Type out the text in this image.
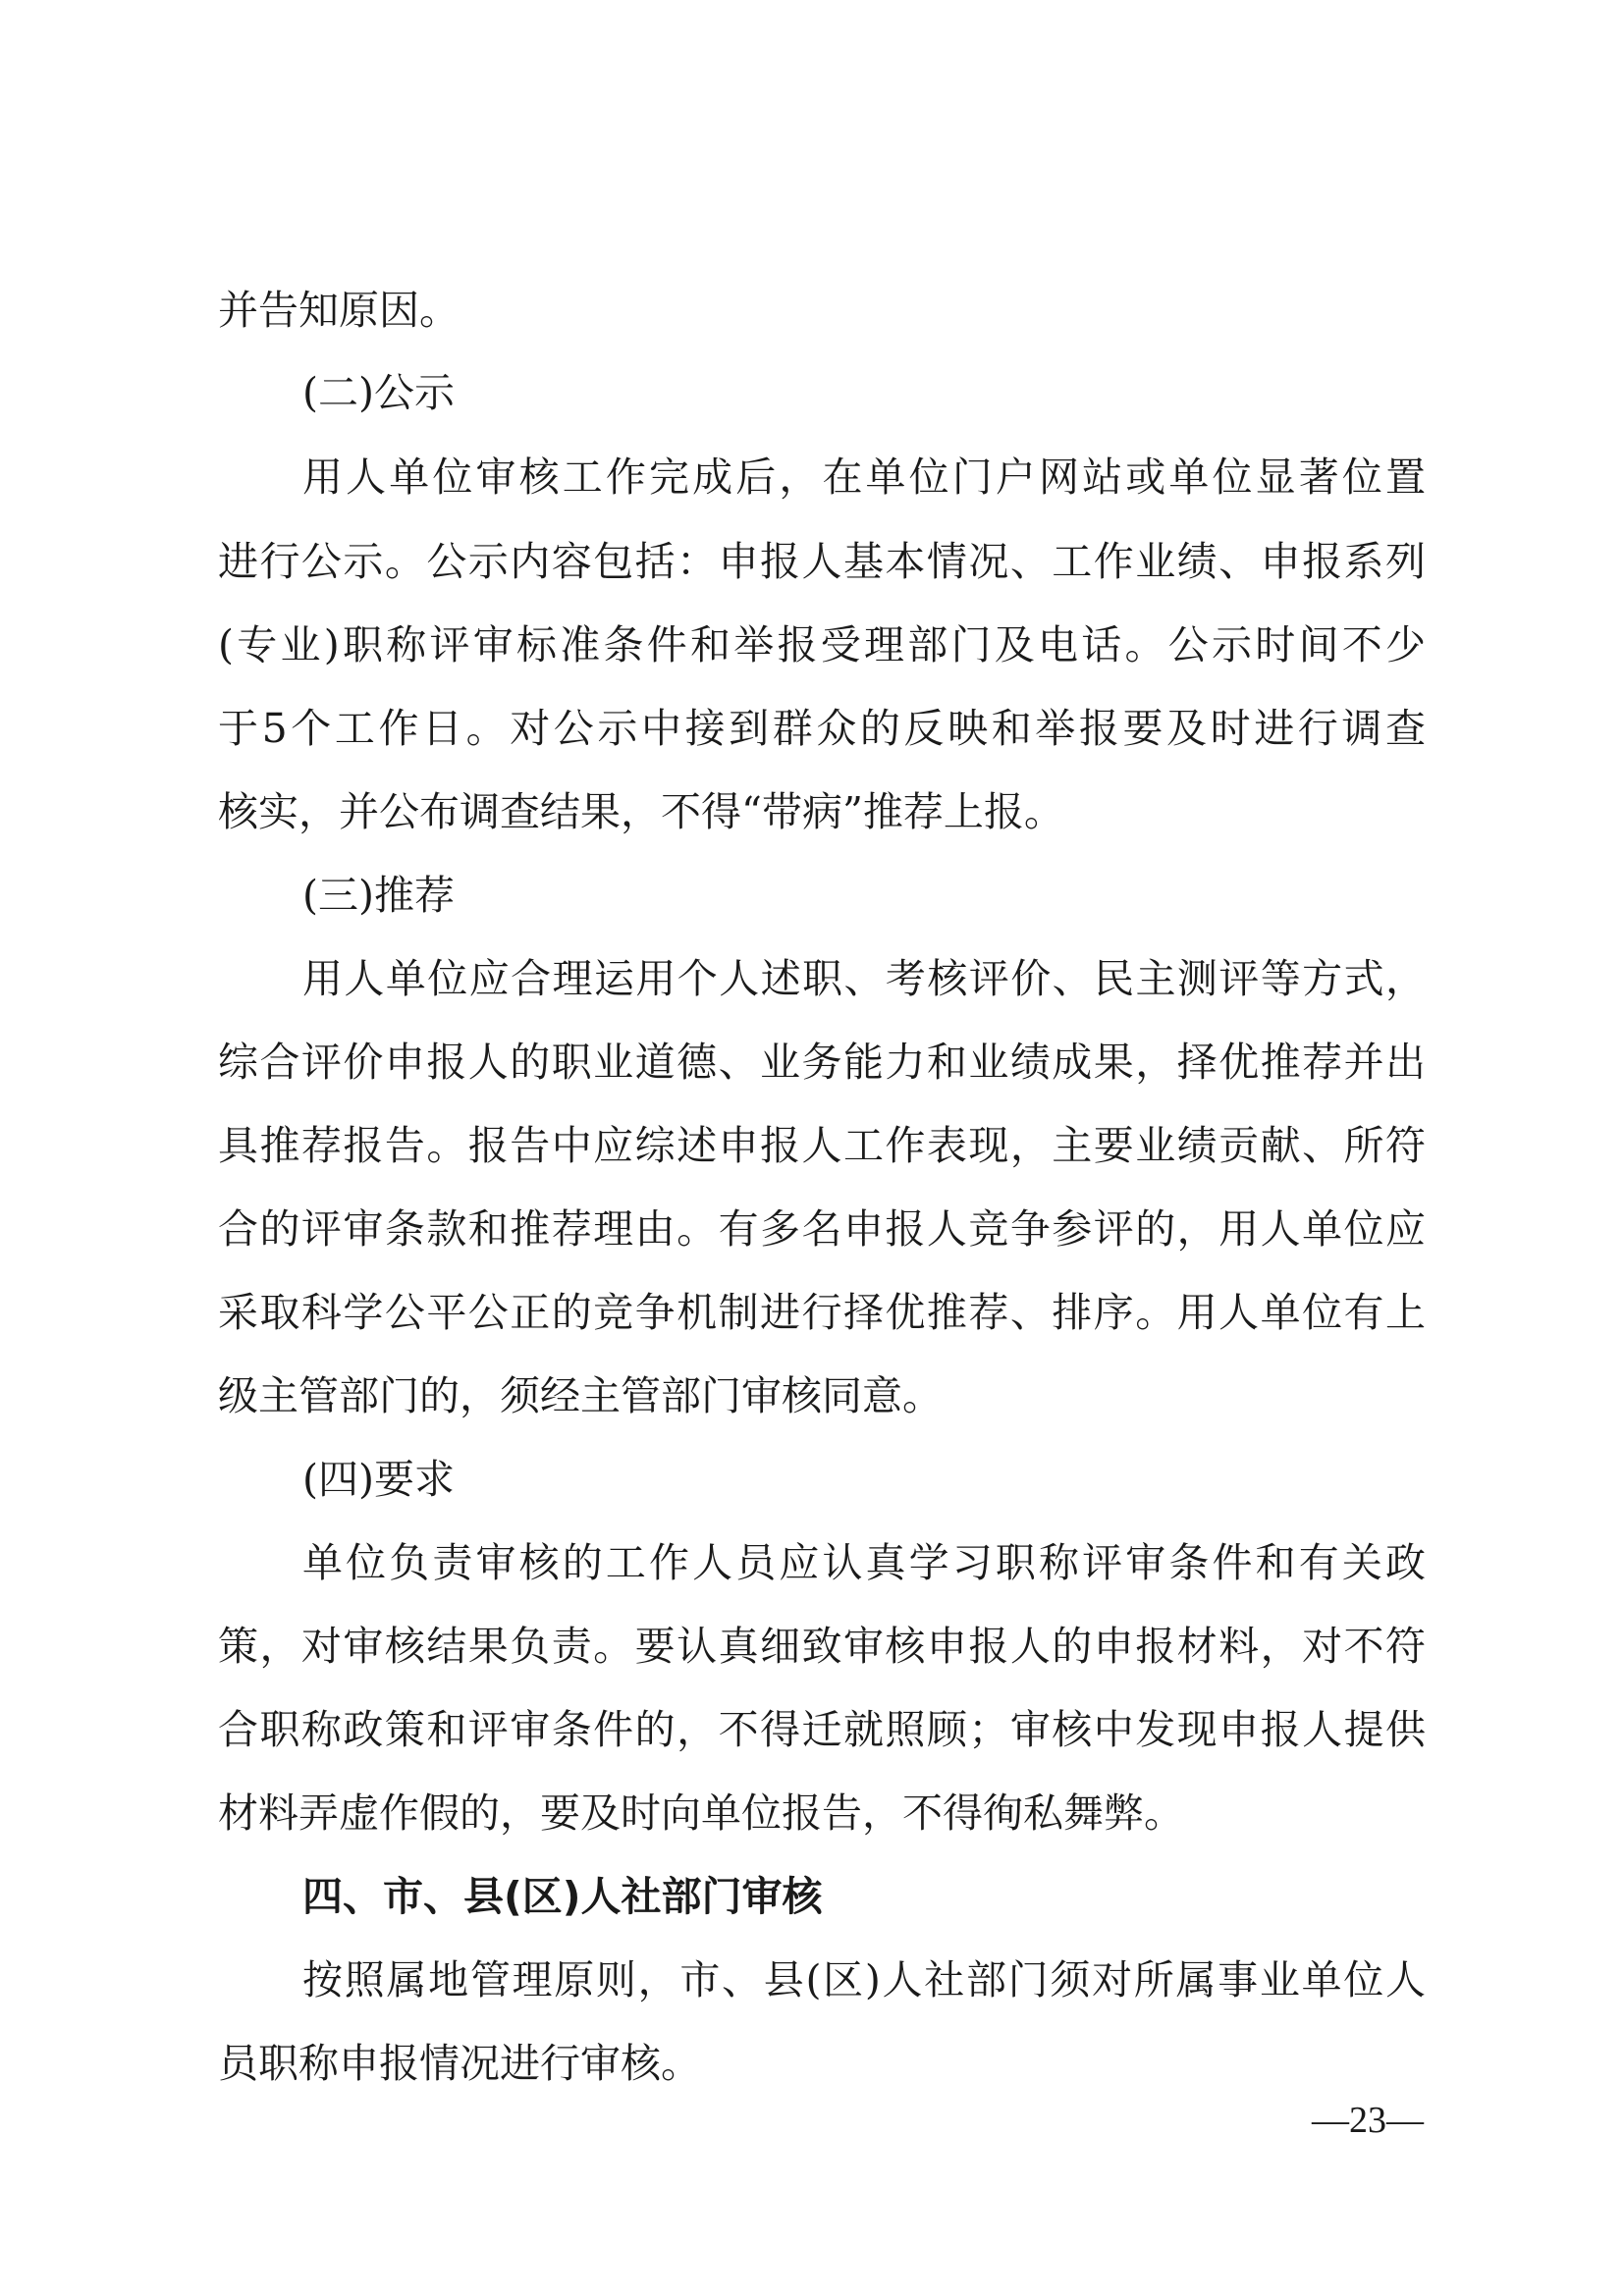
并告知原因。
(二)公示
用人单位审核工作完成后，在单位门户网站或单位显著位置
进行公示。公示内容包括：申报人基本情况、工作业绩、申报系列
(专业)职称评审标准条件和举报受理部门及电话。公示时间不少
于5个工作日。对公示中接到群众的反映和举报要及时进行调查
核实，并公布调查结果，不得“带病”推荐上报。
(三)推荐
用人单位应合理运用个人述职、考核评价、民主测评等方式，
综合评价申报人的职业道德、业务能力和业绩成果，择优推荐并出
具推荐报告。报告中应综述申报人工作表现，主要业绩贡献、所符
合的评审条款和推荐理由。有多名申报人竞争参评的，用人单位应
采取科学公平公正的竞争机制进行择优推荐、排序。用人单位有上
级主管部门的，须经主管部门审核同意。
(四)要求
单位负责审核的工作人员应认真学习职称评审条件和有关政
策，对审核结果负责。要认真细致审核申报人的申报材料，对不符
合职称政策和评审条件的，不得迁就照顾；审核中发现申报人提供
材料弄虚作假的，要及时向单位报告，不得徇私舞弊。
四、市、县(区)人社部门审核
按照属地管理原则，市、县(区)人社部门须对所属事业单位人
员职称申报情况进行审核。
—23—
